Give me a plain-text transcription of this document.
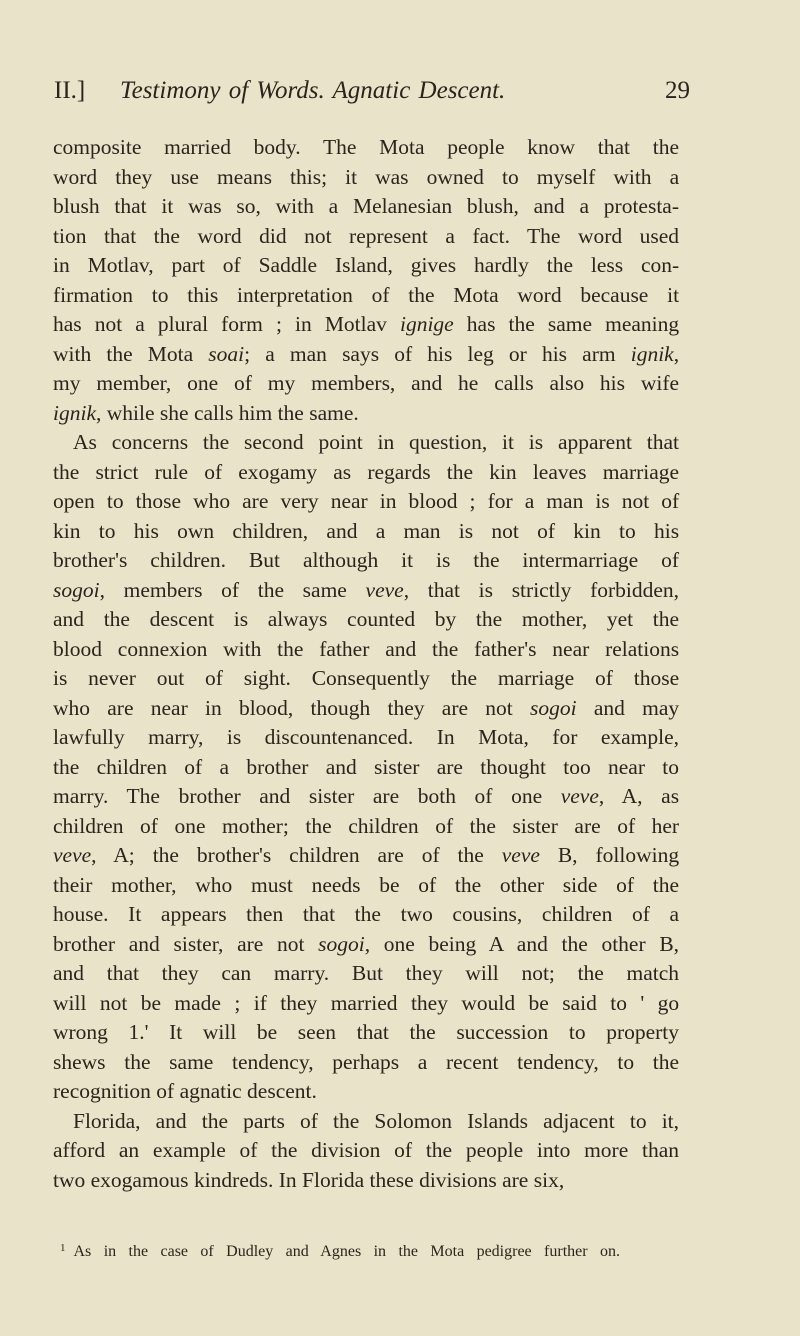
II.] Testimony of Words. Agnatic Descent.	29
composite married body. The Mota people know that the
word they use means this; it was owned to myself with a
blush that it was so, with a Melanesian blush, and a protesta-
tion that the word did not represent a fact. The word used
in Motlav, part of Saddle Island, gives hardly the less con-
firmation to this interpretation of the Mota word because it
has not a plural form ; in Motlav ignige has the same meaning
with the Mota soai; a man says of his leg or his arm ignik,
my member, one of my members, and he calls also his wife
ignik, while she calls him the same.
As concerns the second point in question, it is apparent that
the strict rule of exogamy as regards the kin leaves marriage
open to those who are very near in blood ; for a man is not of
kin to his own children, and a man is not of kin to his
brother's children. But although it is the intermarriage of
sogoi, members of the same veve, that is strictly forbidden,
and the descent is always counted by the mother, yet the
blood connexion with the father and the father's near relations
is never out of sight. Consequently the marriage of those
who are near in blood, though they are not sogoi and may
lawfully marry, is discountenanced. In Mota, for example,
the children of a brother and sister are thought too near to
marry. The brother and sister are both of one veve, A, as
children of one mother; the children of the sister are of her
veve, A; the brother's children are of the veve B, following
their mother, who must needs be of the other side of the
house. It appears then that the two cousins, children of a
brother and sister, are not sogoi, one being A and the other B,
and that they can marry. But they will not; the match
will not be made ; if they married they would be said to ' go
wrong 1.' It will be seen that the succession to property
shews the same tendency, perhaps a recent tendency, to the
recognition of agnatic descent.
Florida, and the parts of the Solomon Islands adjacent to it,
afford an example of the division of the people into more than
two exogamous kindreds. In Florida these divisions are six,
$^1$ As in the case of Dudley and Agnes in the Mota pedigree further on.
